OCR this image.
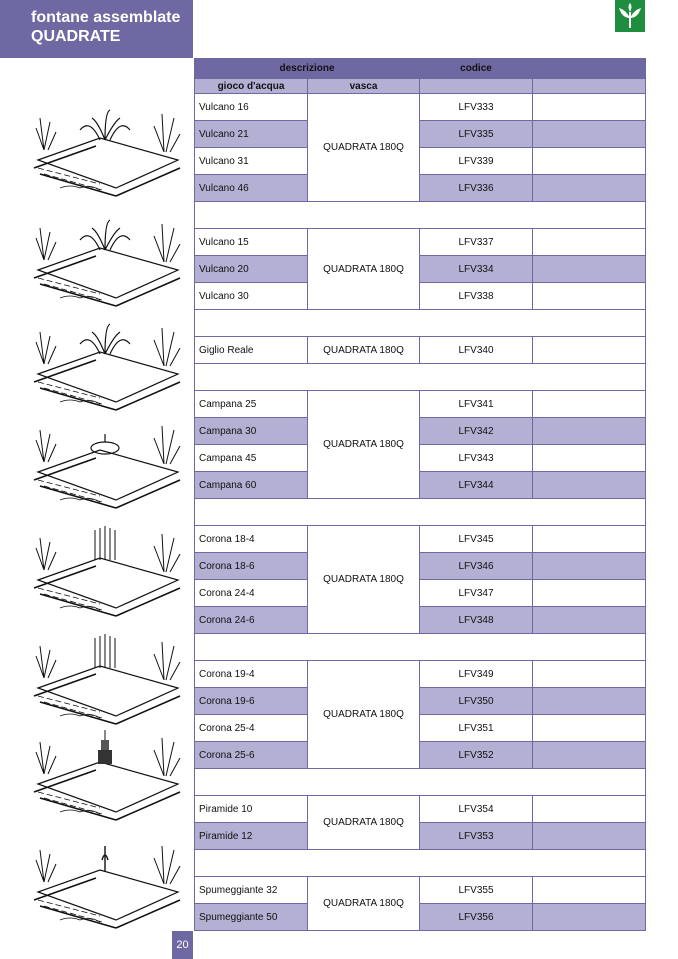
fontane assemblate
QUADRATE
descrizione		codice	
gioco d'acqua	vasca		
Vulcano 16	QUADRATA 180Q	LFV333	
Vulcano 21		LFV335	
Vulcano 31		LFV339	
Vulcano 46		LFV336	

Vulcano 15	QUADRATA 180Q	LFV337	
Vulcano 20		LFV334	
Vulcano 30		LFV338	

Giglio Reale	QUADRATA 180Q	LFV340	

Campana 25	QUADRATA 180Q	LFV341	
Campana 30		LFV342	
Campana 45		LFV343	
Campana 60		LFV344	

Corona 18-4	QUADRATA 180Q	LFV345	
Corona 18-6		LFV346	
Corona 24-4		LFV347	
Corona 24-6		LFV348	

Corona 19-4	QUADRATA 180Q	LFV349	
Corona 19-6		LFV350	
Corona 25-4		LFV351	
Corona 25-6		LFV352	

Piramide 10	QUADRATA 180Q	LFV354	
Piramide 12		LFV353	

Spumeggiante 32	QUADRATA 180Q	LFV355	
Spumeggiante 50		LFV356	
20
